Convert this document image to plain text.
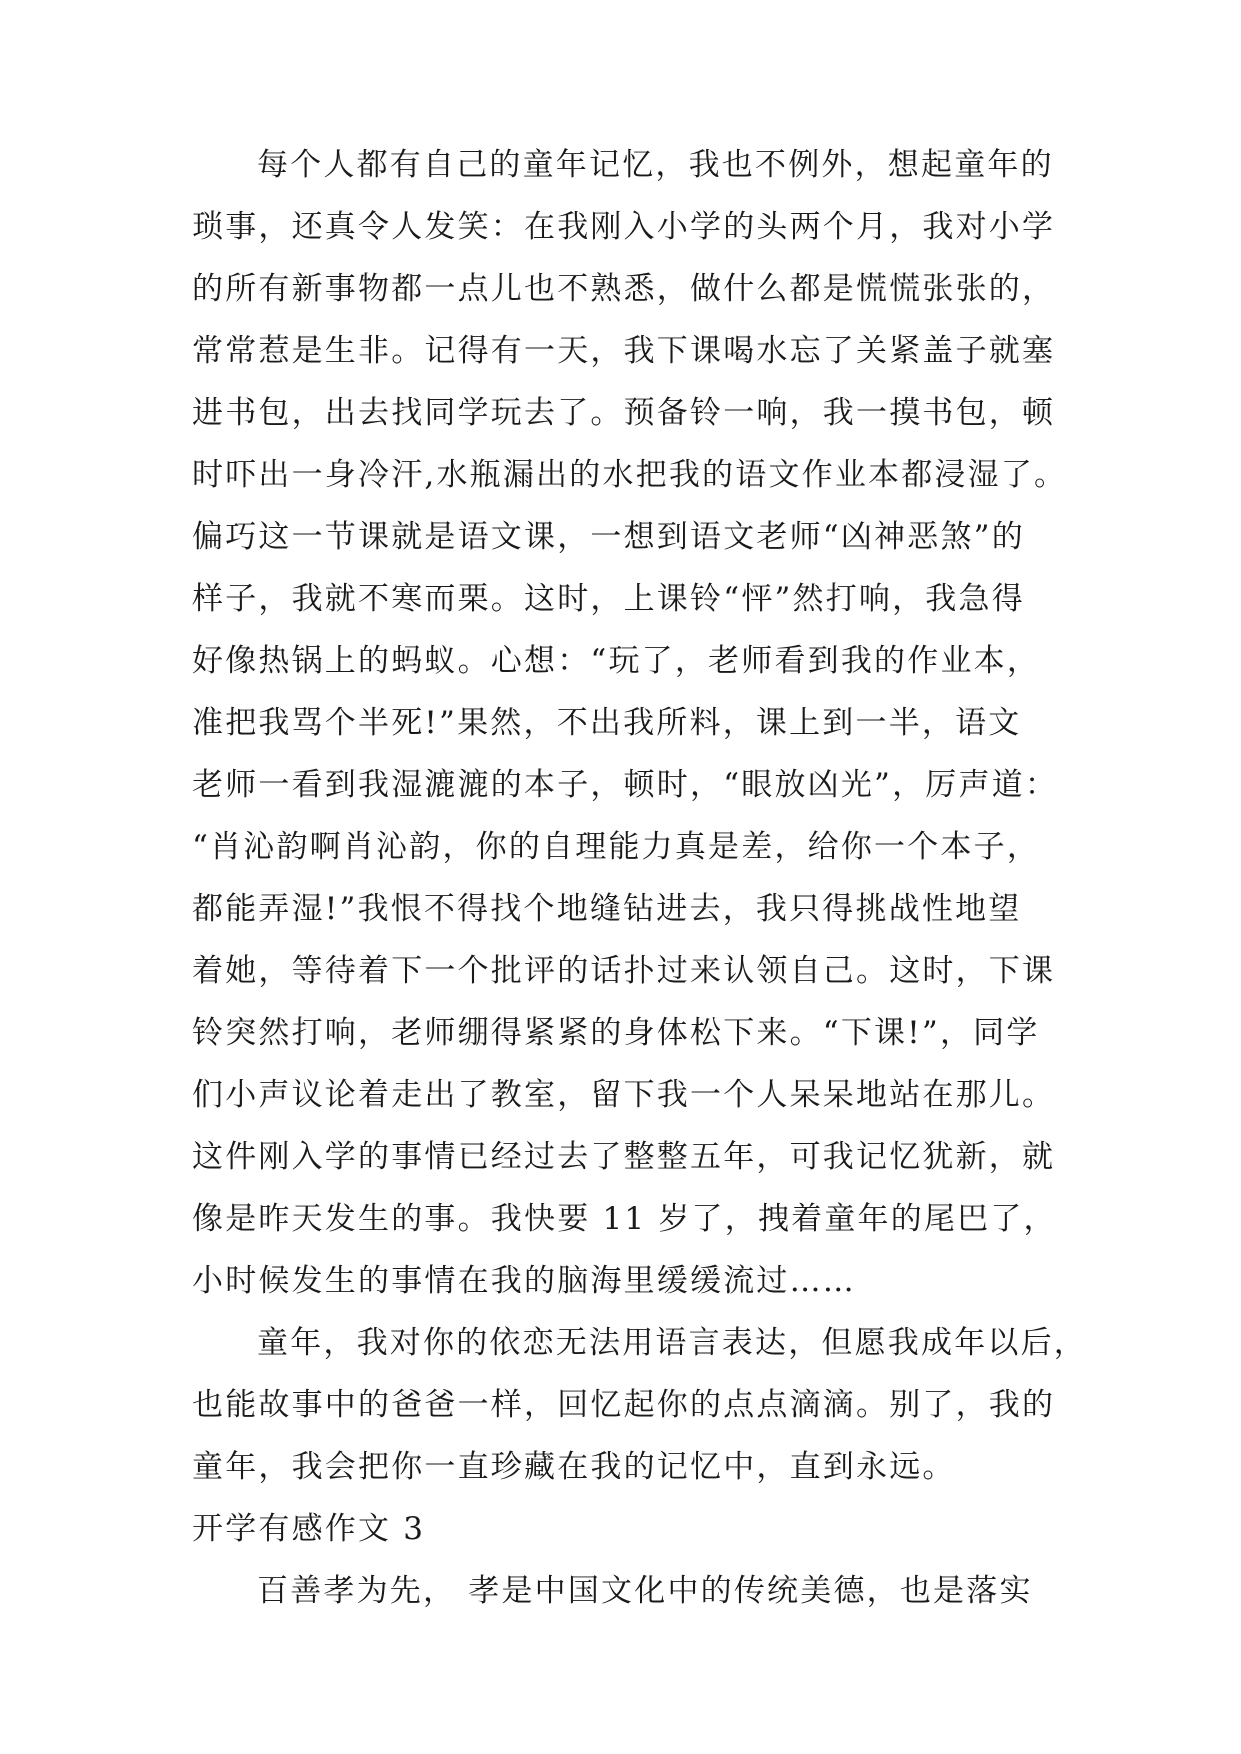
每个人都有自己的童年记忆，我也不例外，想起童年的
琐事，还真令人发笑：在我刚入小学的头两个月，我对小学
的所有新事物都一点儿也不熟悉，做什么都是慌慌张张的，
常常惹是生非。记得有一天，我下课喝水忘了关紧盖子就塞
进书包，出去找同学玩去了。预备铃一响，我一摸书包，顿
时吓出一身冷汗,水瓶漏出的水把我的语文作业本都浸湿了。
偏巧这一节课就是语文课，一想到语文老师“凶神恶煞”的
样子，我就不寒而栗。这时，上课铃“怦”然打响，我急得
好像热锅上的蚂蚁。心想：“玩了，老师看到我的作业本，
准把我骂个半死!”果然，不出我所料，课上到一半，语文
老师一看到我湿漉漉的本子，顿时，“眼放凶光”，厉声道：
“肖沁韵啊肖沁韵，你的自理能力真是差，给你一个本子，
都能弄湿!”我恨不得找个地缝钻进去，我只得挑战性地望
着她，等待着下一个批评的话扑过来认领自己。这时，下课
铃突然打响，老师绷得紧紧的身体松下来。“下课!”，同学
们小声议论着走出了教室，留下我一个人呆呆地站在那儿。
这件刚入学的事情已经过去了整整五年，可我记忆犹新，就
像是昨天发生的事。我快要 11 岁了，拽着童年的尾巴了，
小时候发生的事情在我的脑海里缓缓流过……
童年，我对你的依恋无法用语言表达，但愿我成年以后，
也能故事中的爸爸一样，回忆起你的点点滴滴。别了，我的
童年，我会把你一直珍藏在我的记忆中，直到永远。
开学有感作文 3
百善孝为先， 孝是中国文化中的传统美德，也是落实
